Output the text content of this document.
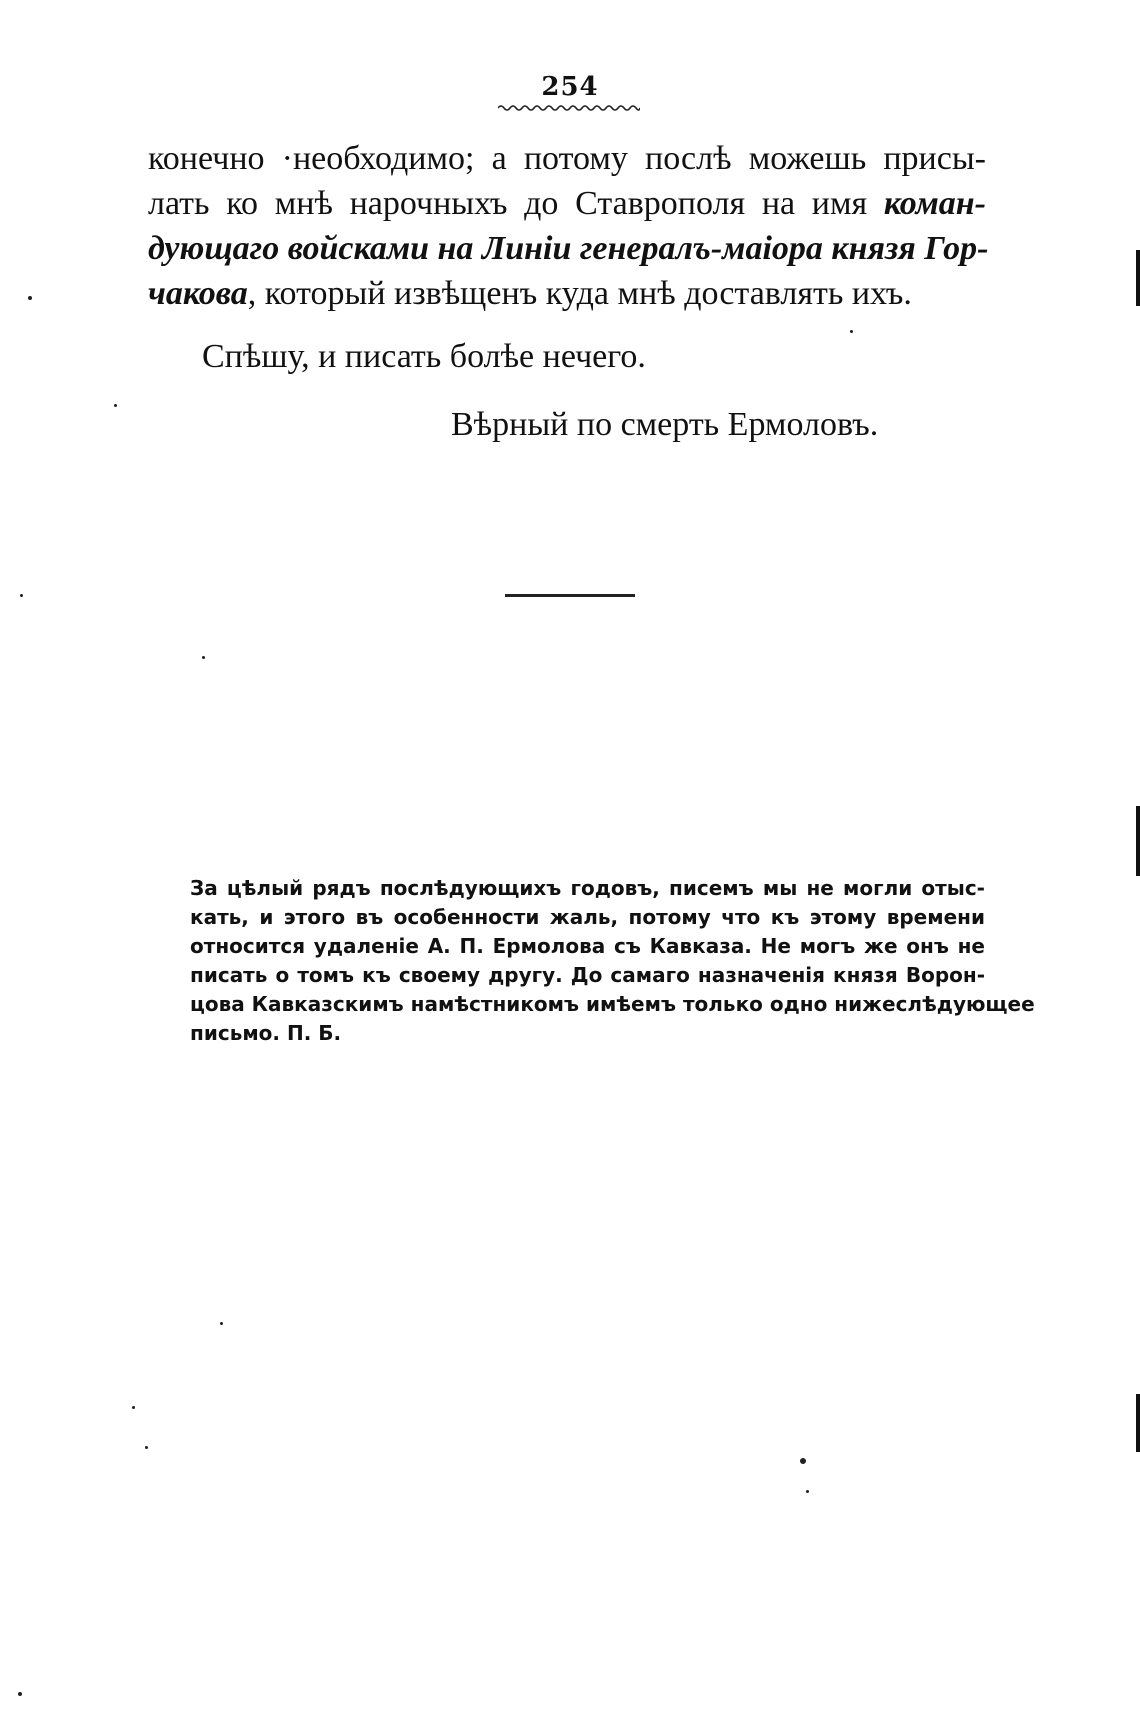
254
конечно ·необходимо; а потому послѣ можешь присы-
лать ко мнѣ нарочныхъ до Ставрополя на имя коман-
дующаго войсками на Линіи генералъ-маіора князя Гор-
чакова, который извѣщенъ куда мнѣ доставлять ихъ.
Спѣшу, и писать болѣе нечего.
Вѣрный по смерть Ермоловъ.
За цѣлый рядъ послѣдующихъ годовъ, писемъ мы не могли отыс-
кать, и этого въ особенности жаль, потому что къ этому времени
относится удаленіе А. П. Ермолова съ Кавказа. Не могъ же онъ не
писать о томъ къ своему другу. До самаго назначенія князя Ворон-
цова Кавказскимъ намѣстникомъ имѣемъ только одно нижеслѣдующее
письмо. П. Б.
